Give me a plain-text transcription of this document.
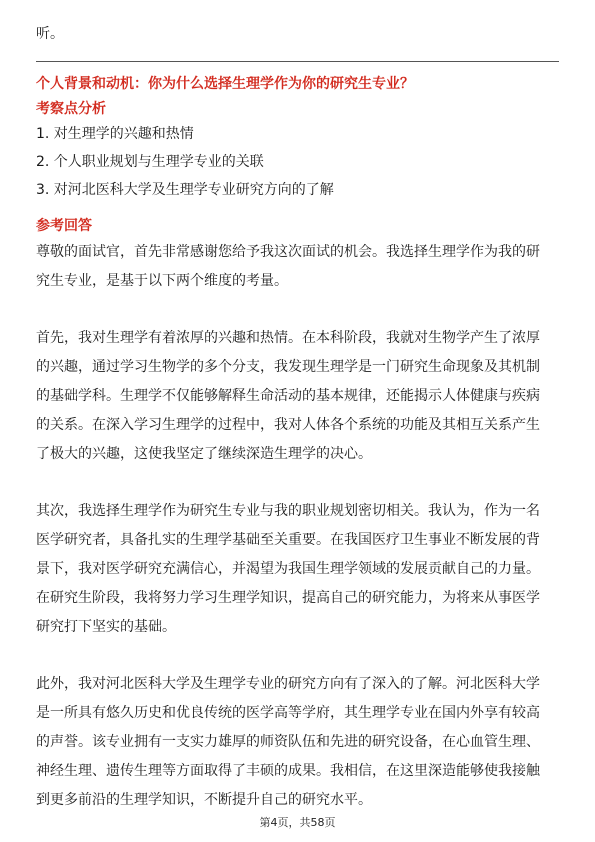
听。
个人背景和动机：你为什么选择生理学作为你的研究生专业？
考察点分析
1. 对生理学的兴趣和热情
2. 个人职业规划与生理学专业的关联
3. 对河北医科大学及生理学专业研究方向的了解
参考回答
尊敬的面试官，首先非常感谢您给予我这次面试的机会。我选择生理学作为我的研
究生专业，是基于以下两个维度的考量。
首先，我对生理学有着浓厚的兴趣和热情。在本科阶段，我就对生物学产生了浓厚
的兴趣，通过学习生物学的多个分支，我发现生理学是一门研究生命现象及其机制
的基础学科。生理学不仅能够解释生命活动的基本规律，还能揭示人体健康与疾病
的关系。在深入学习生理学的过程中，我对人体各个系统的功能及其相互关系产生
了极大的兴趣，这使我坚定了继续深造生理学的决心。
其次，我选择生理学作为研究生专业与我的职业规划密切相关。我认为，作为一名
医学研究者，具备扎实的生理学基础至关重要。在我国医疗卫生事业不断发展的背
景下，我对医学研究充满信心，并渴望为我国生理学领域的发展贡献自己的力量。
在研究生阶段，我将努力学习生理学知识，提高自己的研究能力，为将来从事医学
研究打下坚实的基础。
此外，我对河北医科大学及生理学专业的研究方向有了深入的了解。河北医科大学
是一所具有悠久历史和优良传统的医学高等学府，其生理学专业在国内外享有较高
的声誉。该专业拥有一支实力雄厚的师资队伍和先进的研究设备，在心血管生理、
神经生理、遗传生理等方面取得了丰硕的成果。我相信，在这里深造能够使我接触
到更多前沿的生理学知识，不断提升自己的研究水平。
第4页，共58页
